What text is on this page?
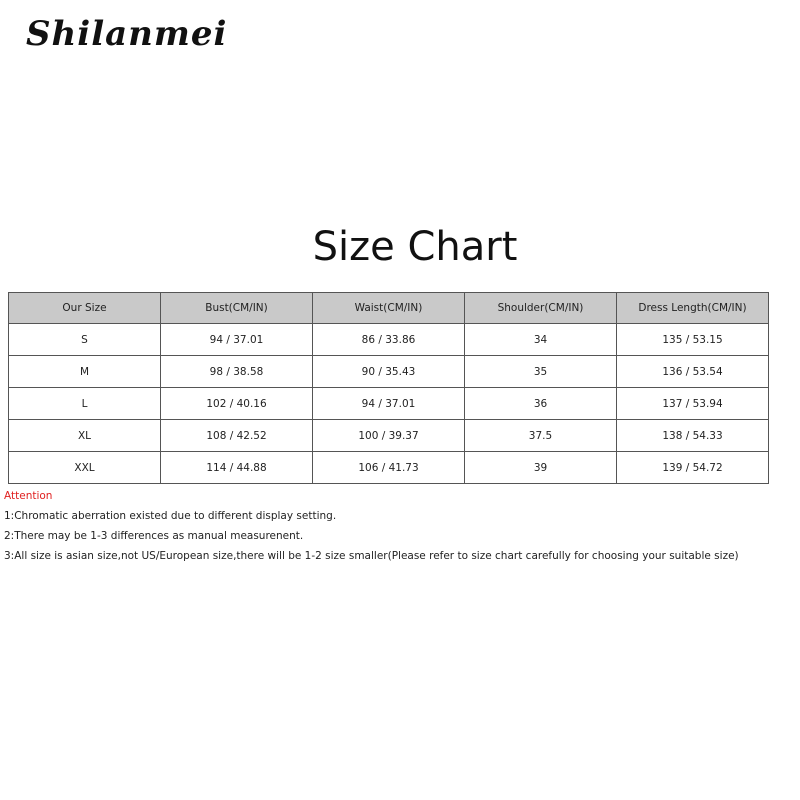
Shilanmei
Size Chart
Our Size	Bust(CM/IN)	Waist(CM/IN)	Shoulder(CM/IN)	Dress Length(CM/IN)
S	94 / 37.01	86 / 33.86	34	135 / 53.15
M	98 / 38.58	90 / 35.43	35	136 / 53.54
L	102 / 40.16	94 / 37.01	36	137 / 53.94
XL	108 / 42.52	100 / 39.37	37.5	138 / 54.33
XXL	114 / 44.88	106 / 41.73	39	139 / 54.72
Attention
1:Chromatic aberration existed due to different display setting.
2:There may be 1-3 differences as manual measurenent.
3:All size is asian size,not US/European size,there will be 1-2 size smaller(Please refer to size chart carefully for choosing your suitable size)
